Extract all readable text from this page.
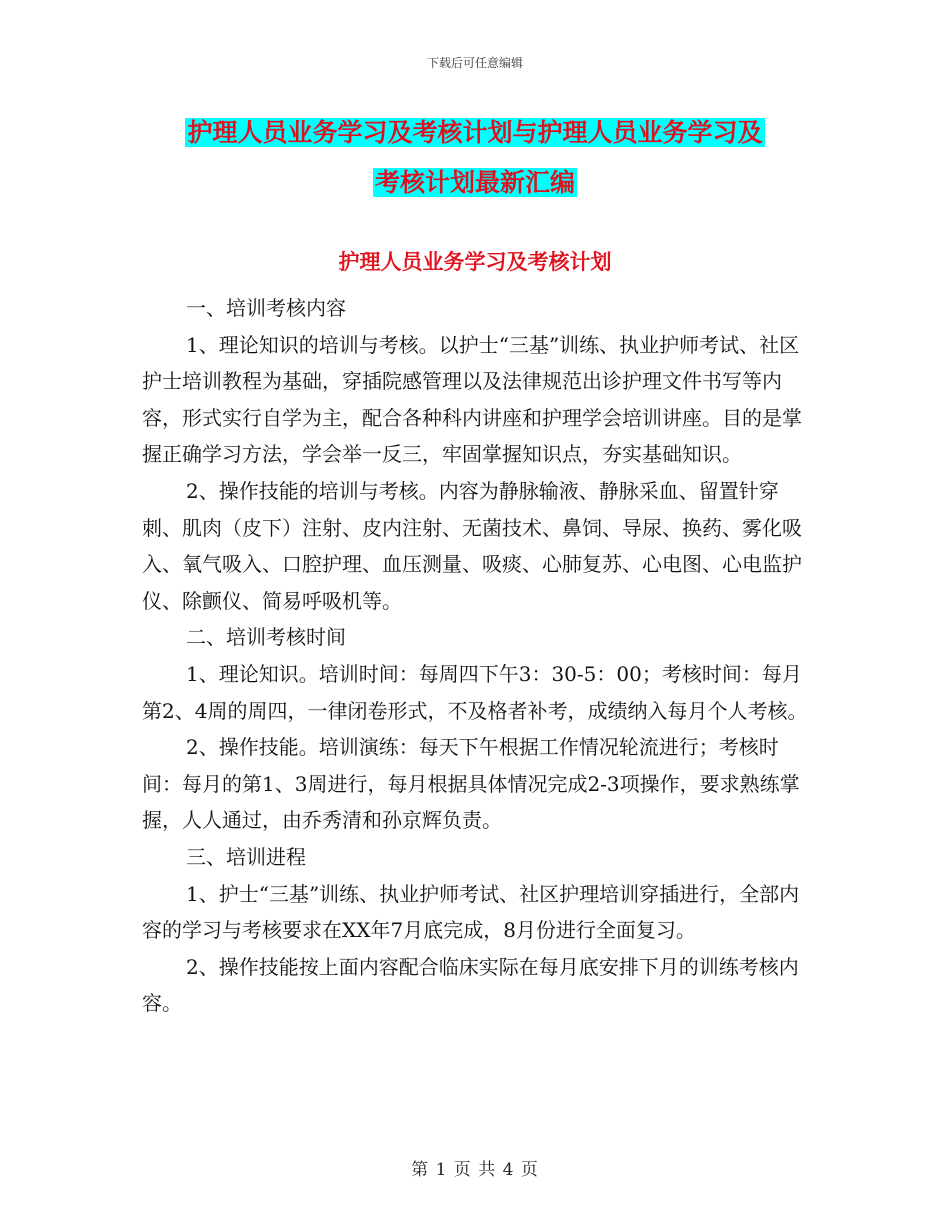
下载后可任意编辑
护理人员业务学习及考核计划与护理人员业务学习及
考核计划最新汇编
护理人员业务学习及考核计划

一、培训考核内容

1、理论知识的培训与考核。以护士“三基”训练、执业护师考试、社区护士培训教程为基础，穿插院感管理以及法律规范出诊护理文件书写等内容，形式实行自学为主，配合各种科内讲座和护理学会培训讲座。目的是掌握正确学习方法，学会举一反三，牢固掌握知识点，夯实基础知识。

2、操作技能的培训与考核。内容为静脉输液、静脉采血、留置针穿刺、肌肉（皮下）注射、皮内注射、无菌技术、鼻饲、导尿、换药、雾化吸入、氧气吸入、口腔护理、血压测量、吸痰、心肺复苏、心电图、心电监护仪、除颤仪、简易呼吸机等。

二、培训考核时间

1、理论知识。培训时间：每周四下午3：30-5：00；考核时间：每月第2、4周的周四，一律闭卷形式，不及格者补考，成绩纳入每月个人考核。

2、操作技能。培训演练：每天下午根据工作情况轮流进行；考核时间：每月的第1、3周进行，每月根据具体情况完成2-3项操作，要求熟练掌握，人人通过，由乔秀清和孙京辉负责。

三、培训进程

1、护士“三基”训练、执业护师考试、社区护理培训穿插进行，全部内容的学习与考核要求在XX年7月底完成，8月份进行全面复习。

2、操作技能按上面内容配合临床实际在每月底安排下月的训练考核内容。

第 1 页 共 4 页
